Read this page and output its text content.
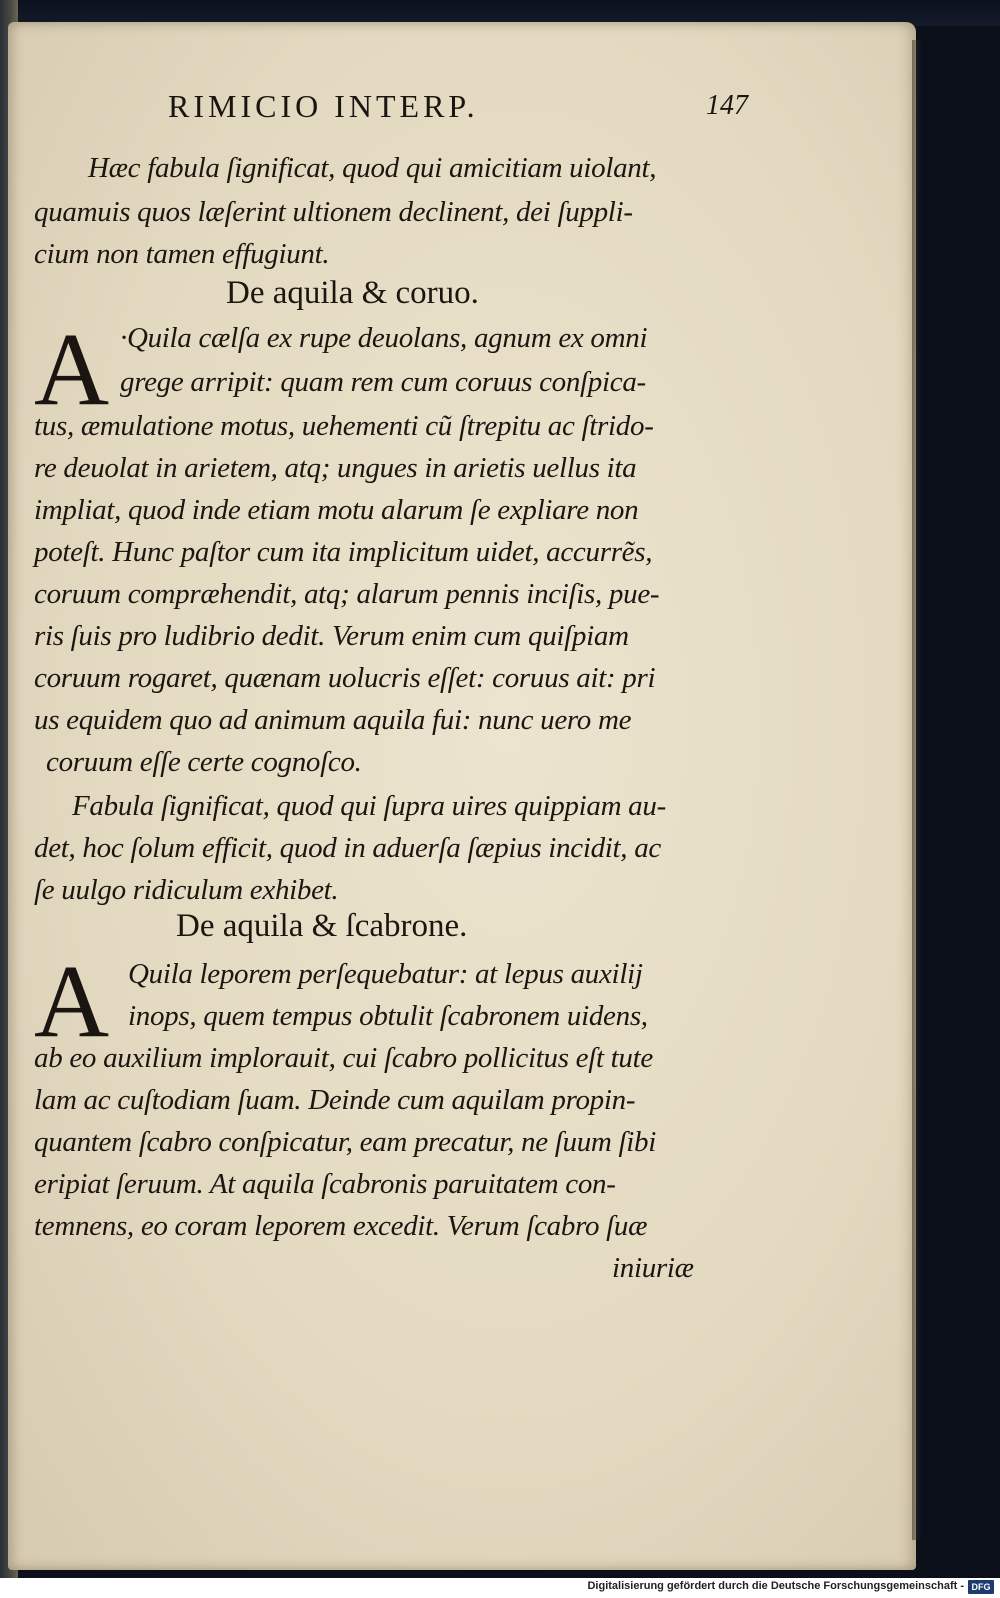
RIMICIO INTERP.	147
Hæc fabula ſignificat, quod qui amicitiam uiolant,
quamuis quos læſerint ultionem declinent, dei ſuppli-
cium non tamen effugiunt.
De aquila & coruo.
A ·Quila cælſa ex rupe deuolans, agnum ex omni
grege arripit: quam rem cum coruus conſpica-
tus, æmulatione motus, uehementi cũ ſtrepitu ac ſtrido-
re deuolat in arietem, atq; ungues in arietis uellus ita
impliat, quod inde etiam motu alarum ſe expliare non
poteſt. Hunc paſtor cum ita implicitum uidet, accurrẽs,
coruum compræhendit, atq; alarum pennis inciſis, pue-
ris ſuis pro ludibrio dedit. Verum enim cum quiſpiam
coruum rogaret, quænam uolucris eſſet: coruus ait: pri
us equidem quo ad animum aquila fui: nunc uero me
coruum eſſe certe cognoſco.
Fabula ſignificat, quod qui ſupra uires quippiam au-
det, hoc ſolum efficit, quod in aduerſa ſæpius incidit, ac
ſe uulgo ridiculum exhibet.
De aquila & ſcabrone.
A Quila leporem perſequebatur: at lepus auxilij
inops, quem tempus obtulit ſcabronem uidens,
ab eo auxilium implorauit, cui ſcabro pollicitus eſt tute
lam ac cuſtodiam ſuam. Deinde cum aquilam propin-
quantem ſcabro conſpicatur, eam precatur, ne ſuum ſibi
eripiat ſeruum. At aquila ſcabronis paruitatem con-
temnens, eo coram leporem excedit. Verum ſcabro ſuæ
iniuriæ
Digitalisierung gefördert durch die Deutsche Forschungsgemeinschaft - DFG
